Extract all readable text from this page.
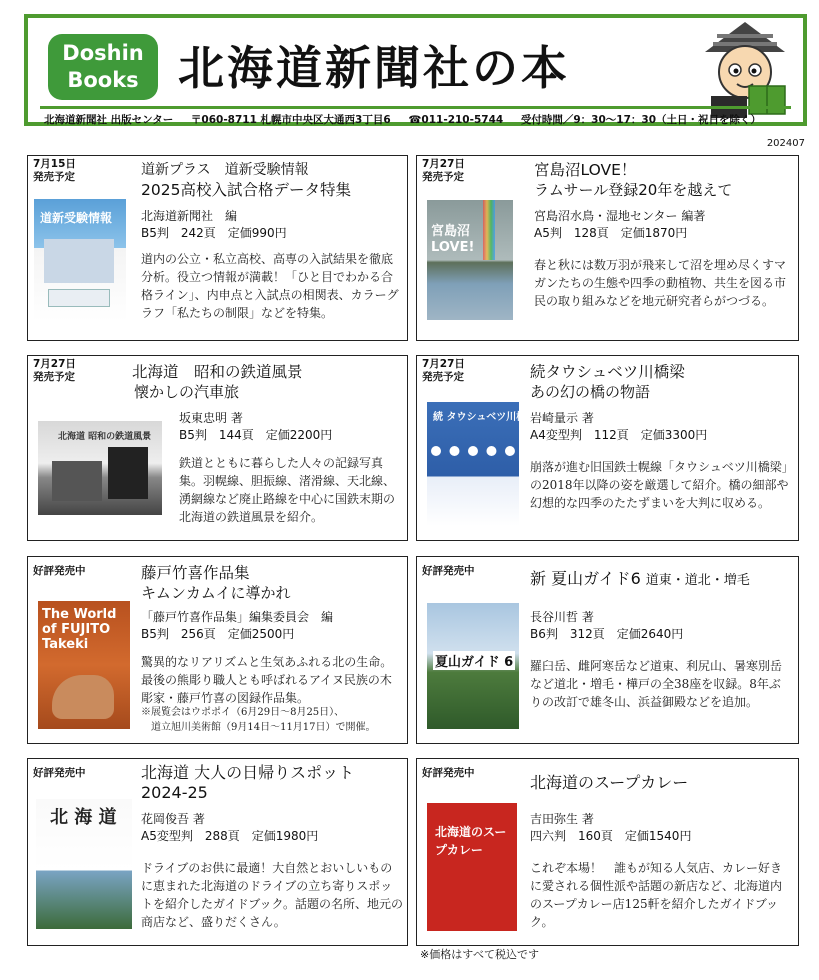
Doshin
Books 北海道新聞社の本
北海道新聞社 出版センター 〒060-8711 札幌市中央区大通西3丁目6 ☎011-210-5744 受付時間／9：30～17：30（土日・祝日を除く）
202407
7月15日
発売予定
道新受験情報
道新プラス　道新受験情報
2025高校入試合格データ特集
北海道新聞社　編
B5判　242頁　定価990円
道内の公立・私立高校、高専の入試結果を徹底分析。役立つ情報が満載！「ひと目でわかる合格ライン」、内申点と入試点の相関表、カラーグラフ「私たちの制限」などを特集。
7月27日
発売予定
宮島沼 LOVE!
宮島沼LOVE！
ラムサール登録20年を越えて
宮島沼水鳥・湿地センター 編著
A5判　128頁　定価1870円
春と秋には数万羽が飛来して沼を埋め尽くすマガンたちの生態や四季の動植物、共生を図る市民の取り組みなどを地元研究者らがつづる。
7月27日
発売予定
北海道 昭和の鉄道風景
北海道　昭和の鉄道風景
懐かしの汽車旅
坂東忠明 著
B5判　144頁　定価2200円
鉄道とともに暮らした人々の記録写真集。羽幌線、胆振線、渚滑線、天北線、湧網線など廃止路線を中心に国鉄末期の北海道の鉄道風景を紹介。
7月27日
発売予定
続 タウシュベツ川橋梁
続タウシュベツ川橋梁
あの幻の橋の物語
岩崎量示 著
A4変型判　112頁　定価3300円
崩落が進む旧国鉄士幌線「タウシュベツ川橋梁」の2018年以降の姿を厳選して紹介。橋の細部や幻想的な四季のたたずまいを大判に収める。
好評発売中
The World of FUJITO Takeki
藤戸竹喜作品集
キムンカムイに導かれ
「藤戸竹喜作品集」編集委員会　編
B5判　256頁　定価2500円
驚異的なリアリズムと生気あふれる北の生命。最後の熊彫り職人とも呼ばれるアイヌ民族の木彫家・藤戸竹喜の図録作品集。
※展覧会はウポポイ（6月29日～8月25日）、
道立旭川美術館（9月14日～11月17日）で開催。
好評発売中
夏山ガイド 6
新 夏山ガイド6 道東・道北・増毛
長谷川哲 著
B6判　312頁　定価2640円
羅臼岳、雌阿寒岳など道東、利尻山、暑寒別岳など道北・増毛・樺戸の全38座を収録。8年ぶりの改訂で雄冬山、浜益御殿などを追加。
好評発売中
北 海 道
北海道 大人の日帰りスポット
2024-25
花岡俊吾 著
A5変型判　288頁　定価1980円
ドライブのお供に最適！大自然とおいしいものに恵まれた北海道のドライブの立ち寄りスポットを紹介したガイドブック。話題の名所、地元の商店など、盛りだくさん。
好評発売中
北海道のスープカレー
北海道のスープカレー
吉田弥生 著
四六判　160頁　定価1540円
これぞ本場！　誰もが知る人気店、カレー好きに愛される個性派や話題の新店など、北海道内のスープカレー店125軒を紹介したガイドブック。
※価格はすべて税込です
